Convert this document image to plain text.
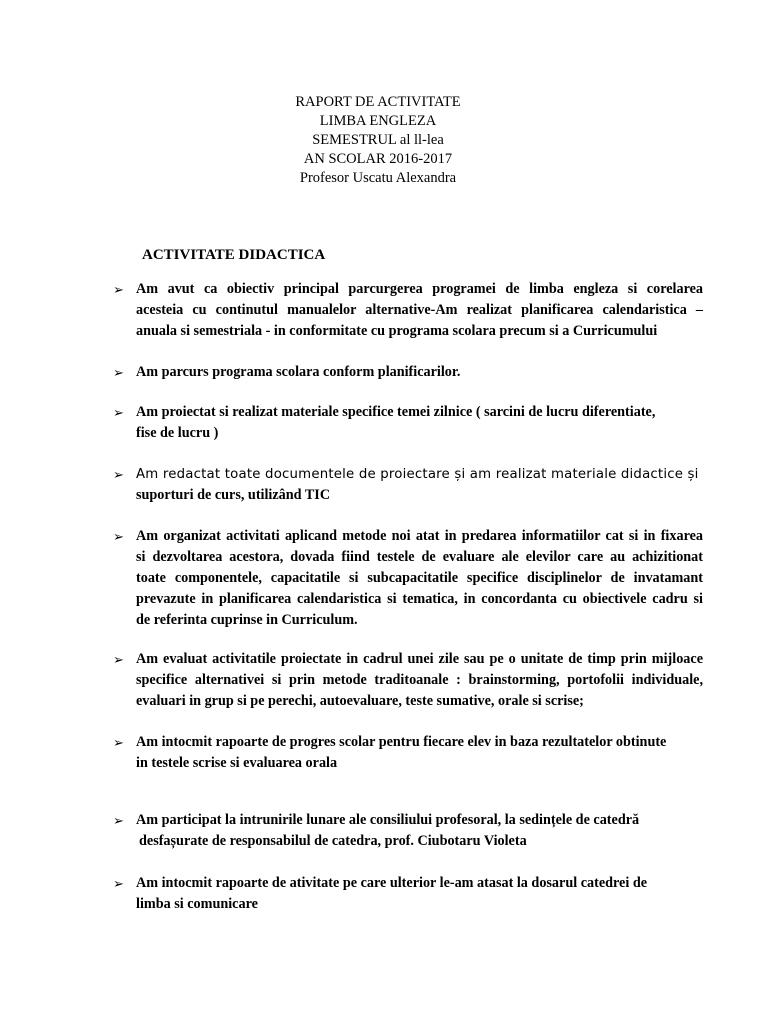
RAPORT DE ACTIVITATE
LIMBA ENGLEZA
SEMESTRUL al ll-lea
AN SCOLAR 2016-2017
Profesor Uscatu Alexandra
ACTIVITATE DIDACTICA
➢ Am avut ca obiectiv principal parcurgerea programei de limba engleza si corelarea
acesteia cu continutul manualelor alternative-Am realizat planificarea calendaristica –
anuala si semestriala - in conformitate cu programa scolara precum si a Curricumului
➢ Am parcurs programa scolara conform planificarilor.
➢ Am proiectat si realizat materiale specifice temei zilnice ( sarcini de lucru diferentiate,
fise de lucru )
➢ Am redactat toate documentele de proiectare și am realizat materiale didactice și
suporturi de curs, utilizând TIC
➢ Am organizat activitati aplicand metode noi atat in predarea informatiilor cat si in fixarea
si dezvoltarea acestora, dovada fiind testele de evaluare ale elevilor care au achizitionat
toate componentele, capacitatile si subcapacitatile specifice disciplinelor de invatamant
prevazute in planificarea calendaristica si tematica, in concordanta cu obiectivele cadru si
de referinta cuprinse in Curriculum.
➢ Am evaluat activitatile proiectate in cadrul unei zile sau pe o unitate de timp prin mijloace
specifice alternativei si prin metode traditoanale : brainstorming, portofolii individuale,
evaluari in grup si pe perechi, autoevaluare, teste sumative, orale si scrise;
➢ Am intocmit rapoarte de progres scolar pentru fiecare elev in baza rezultatelor obtinute
in testele scrise si evaluarea orala
➢ Am participat la intrunirile lunare ale consiliului profesoral, la sedințele de catedră
desfașurate de responsabilul de catedra, prof. Ciubotaru Violeta
➢ Am intocmit rapoarte de ativitate pe care ulterior le-am atasat la dosarul catedrei de
limba si comunicare
